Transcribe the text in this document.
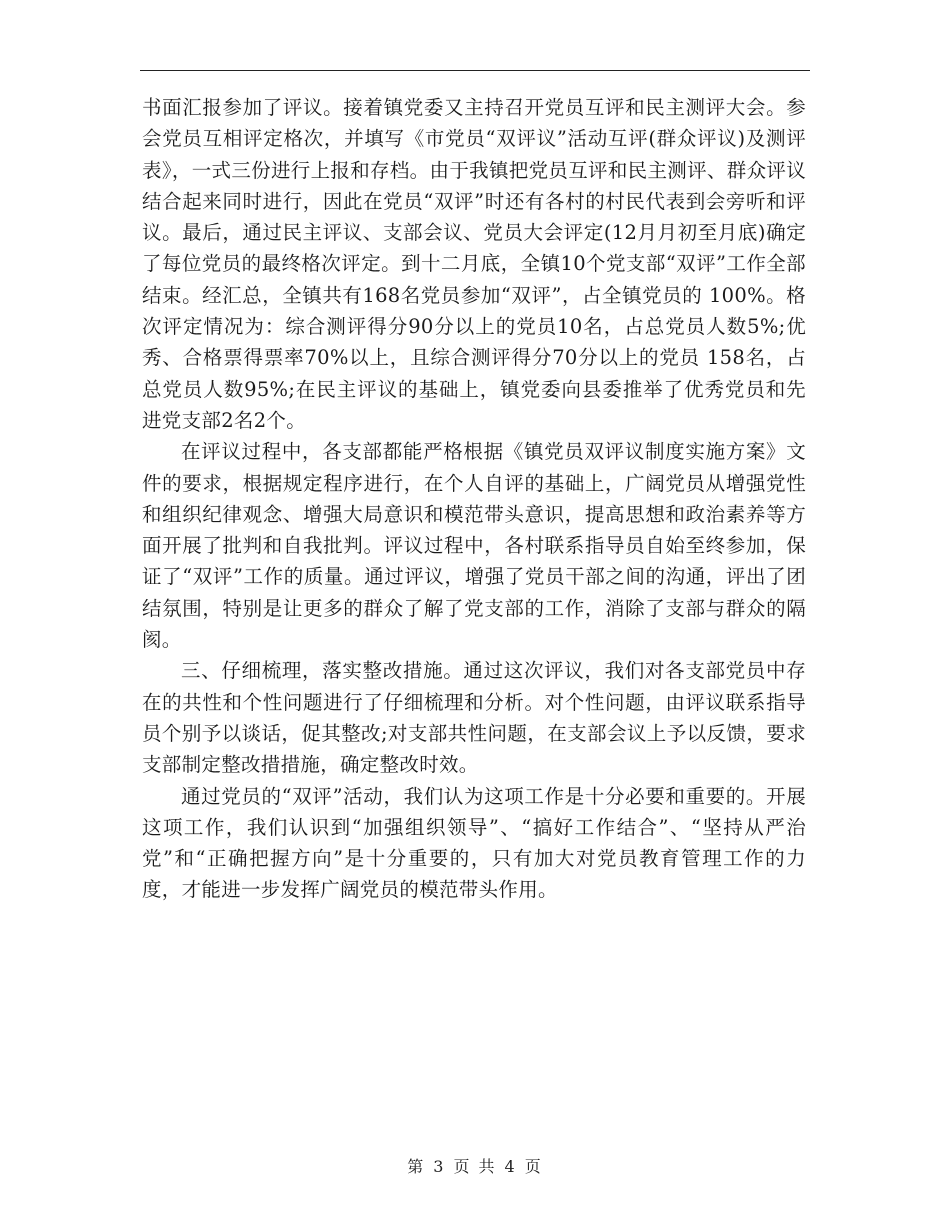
书面汇报参加了评议。接着镇党委又主持召开党员互评和民主测评大会。参会党员互相评定格次，并填写《市党员“双评议”活动互评(群众评议)及测评表》，一式三份进行上报和存档。由于我镇把党员互评和民主测评、群众评议结合起来同时进行，因此在党员“双评”时还有各村的村民代表到会旁听和评议。最后，通过民主评议、支部会议、党员大会评定(12月月初至月底)确定了每位党员的最终格次评定。到十二月底，全镇10个党支部“双评”工作全部结束。经汇总，全镇共有168名党员参加“双评”，占全镇党员的 100%。格次评定情况为：综合测评得分90分以上的党员10名，占总党员人数5%;优秀、合格票得票率70%以上，且综合测评得分70分以上的党员 158名，占总党员人数95%;在民主评议的基础上，镇党委向县委推举了优秀党员和先进党支部2名2个。

在评议过程中，各支部都能严格根据《镇党员双评议制度实施方案》文件的要求，根据规定程序进行，在个人自评的基础上，广阔党员从增强党性和组织纪律观念、增强大局意识和模范带头意识，提高思想和政治素养等方面开展了批判和自我批判。评议过程中，各村联系指导员自始至终参加，保证了“双评”工作的质量。通过评议，增强了党员干部之间的沟通，评出了团结氛围，特别是让更多的群众了解了党支部的工作，消除了支部与群众的隔阂。

三、仔细梳理，落实整改措施。通过这次评议，我们对各支部党员中存在的共性和个性问题进行了仔细梳理和分析。对个性问题，由评议联系指导员个别予以谈话，促其整改;对支部共性问题，在支部会议上予以反馈，要求支部制定整改措措施，确定整改时效。

通过党员的“双评”活动，我们认为这项工作是十分必要和重要的。开展这项工作，我们认识到“加强组织领导”、“搞好工作结合”、“坚持从严治党”和“正确把握方向”是十分重要的，只有加大对党员教育管理工作的力度，才能进一步发挥广阔党员的模范带头作用。

第 3 页 共 4 页
